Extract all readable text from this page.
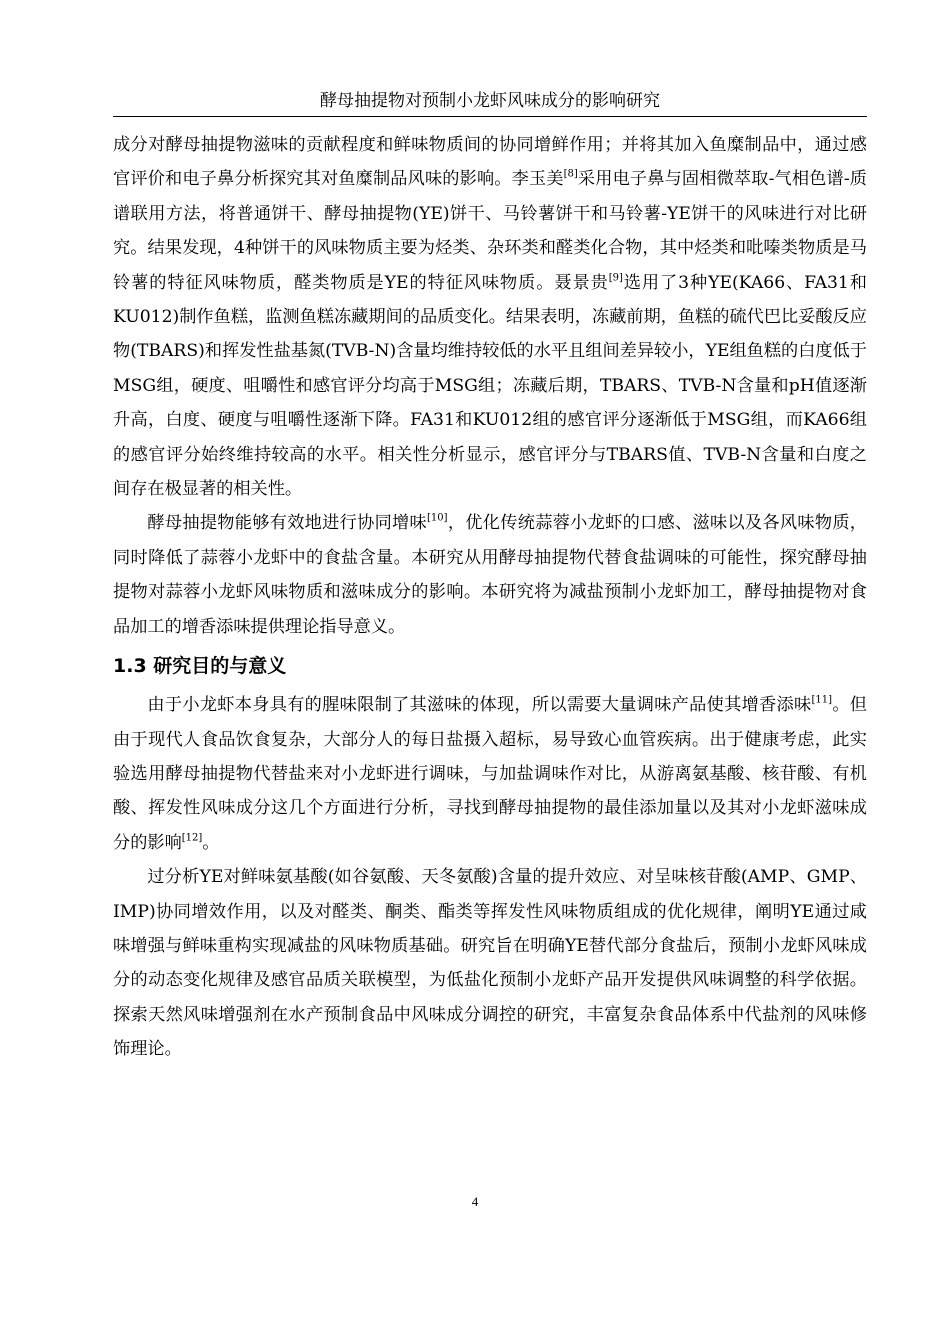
酵母抽提物对预制小龙虾风味成分的影响研究

成分对酵母抽提物滋味的贡献程度和鲜味物质间的协同增鲜作用；并将其加入鱼糜制品中，通过感官评价和电子鼻分析探究其对鱼糜制品风味的影响。李玉美[8]采用电子鼻与固相微萃取-气相色谱-质谱联用方法，将普通饼干、酵母抽提物(YE)饼干、马铃薯饼干和马铃薯-YE饼干的风味进行对比研究。结果发现，4种饼干的风味物质主要为烃类、杂环类和醛类化合物，其中烃类和吡嗪类物质是马铃薯的特征风味物质，醛类物质是YE的特征风味物质。聂景贵[9]选用了3种YE(KA66、FA31和KU012)制作鱼糕，监测鱼糕冻藏期间的品质变化。结果表明，冻藏前期，鱼糕的硫代巴比妥酸反应物(TBARS)和挥发性盐基氮(TVB-N)含量均维持较低的水平且组间差异较小，YE组鱼糕的白度低于MSG组，硬度、咀嚼性和感官评分均高于MSG组；冻藏后期，TBARS、TVB-N含量和pH值逐渐升高，白度、硬度与咀嚼性逐渐下降。FA31和KU012组的感官评分逐渐低于MSG组，而KA66组的感官评分始终维持较高的水平。相关性分析显示，感官评分与TBARS值、TVB-N含量和白度之间存在极显著的相关性。

酵母抽提物能够有效地进行协同增味[10]，优化传统蒜蓉小龙虾的口感、滋味以及各风味物质，同时降低了蒜蓉小龙虾中的食盐含量。本研究从用酵母抽提物代替食盐调味的可能性，探究酵母抽提物对蒜蓉小龙虾风味物质和滋味成分的影响。本研究将为减盐预制小龙虾加工，酵母抽提物对食品加工的增香添味提供理论指导意义。

1.3 研究目的与意义

由于小龙虾本身具有的腥味限制了其滋味的体现，所以需要大量调味产品使其增香添味[11]。但由于现代人食品饮食复杂，大部分人的每日盐摄入超标，易导致心血管疾病。出于健康考虑，此实验选用酵母抽提物代替盐来对小龙虾进行调味，与加盐调味作对比，从游离氨基酸、核苷酸、有机酸、挥发性风味成分这几个方面进行分析，寻找到酵母抽提物的最佳添加量以及其对小龙虾滋味成分的影响[12]。

过分析YE对鲜味氨基酸(如谷氨酸、天冬氨酸)含量的提升效应、对呈味核苷酸(AMP、GMP、IMP)协同增效作用，以及对醛类、酮类、酯类等挥发性风味物质组成的优化规律，阐明YE通过咸味增强与鲜味重构实现减盐的风味物质基础。研究旨在明确YE替代部分食盐后，预制小龙虾风味成分的动态变化规律及感官品质关联模型，为低盐化预制小龙虾产品开发提供风味调整的科学依据。探索天然风味增强剂在水产预制食品中风味成分调控的研究，丰富复杂食品体系中代盐剂的风味修饰理论。

4
